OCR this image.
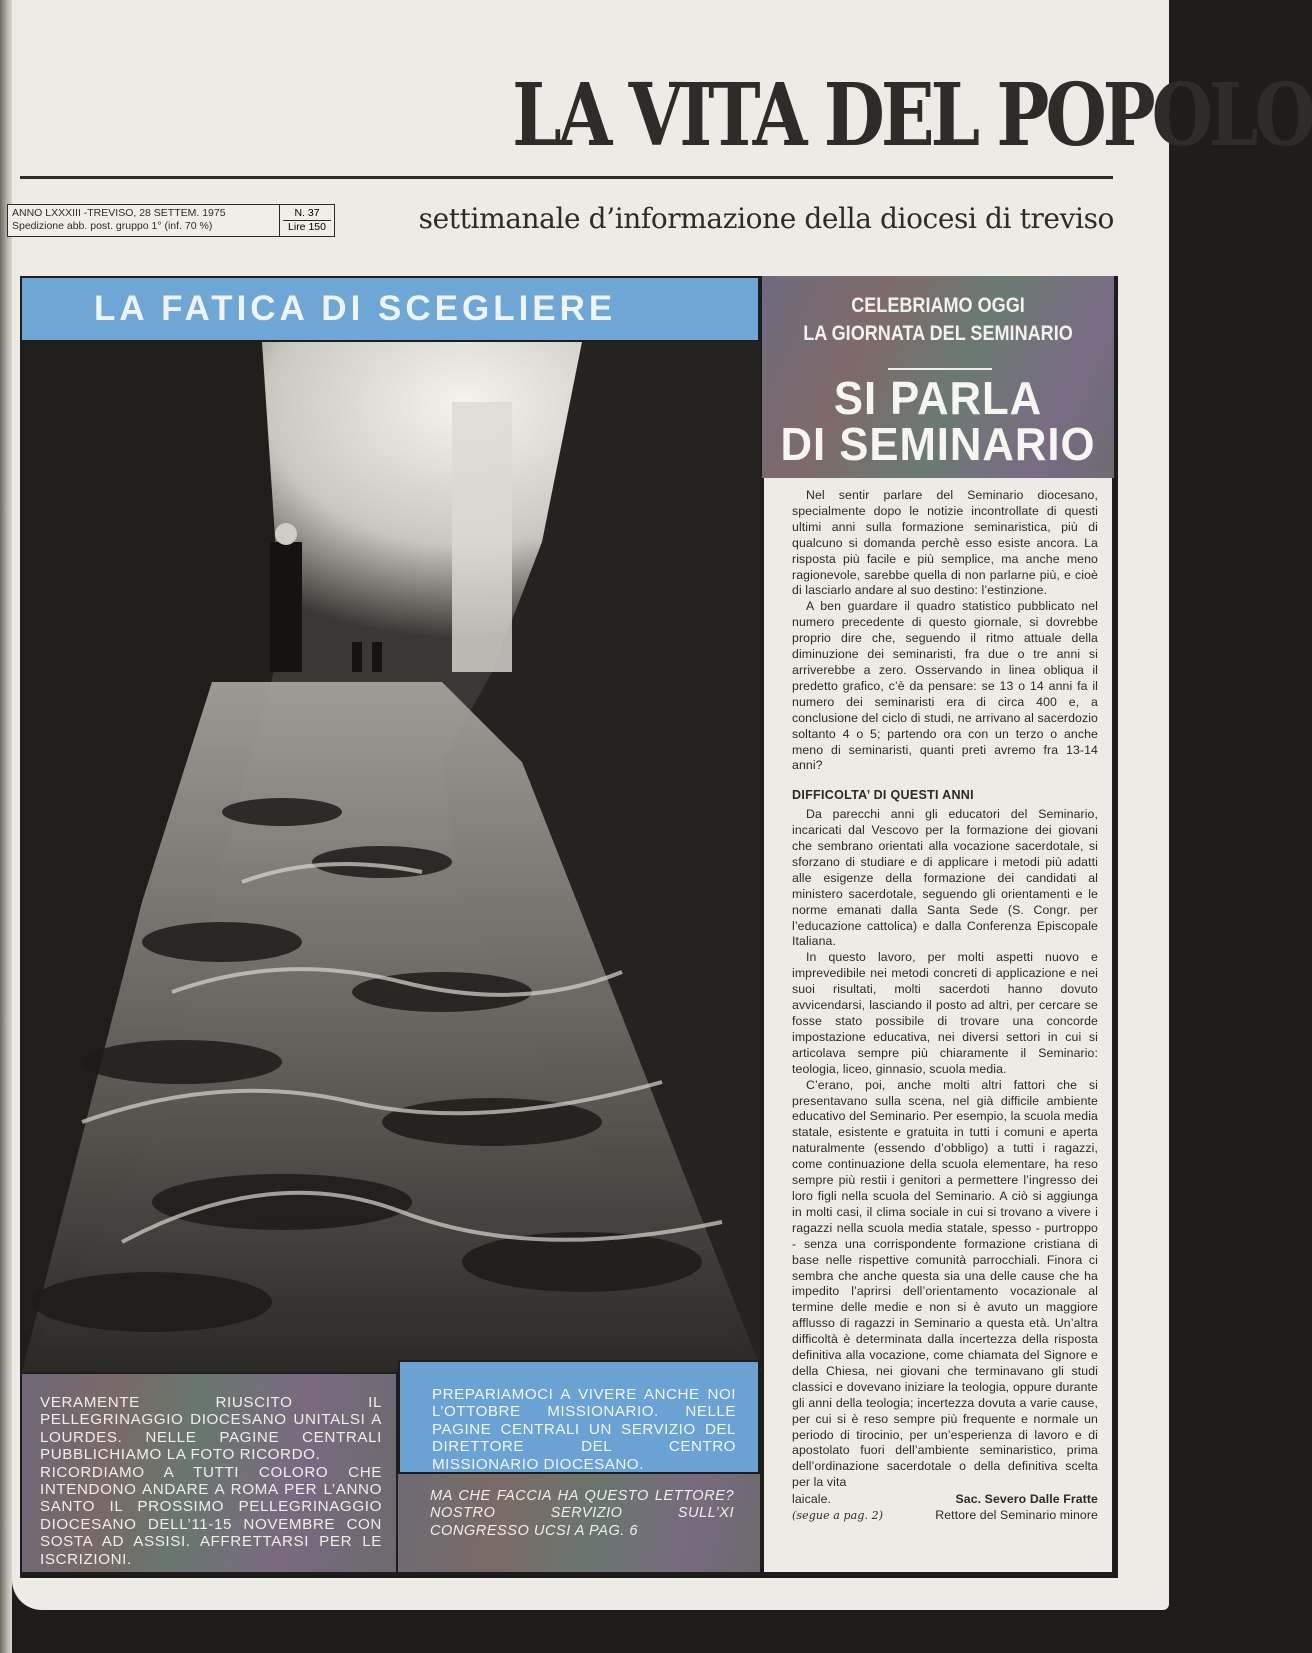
LA VITA DEL POPOLO
ANNO LXXXIII -TREVISO, 28 SETTEM. 1975
Spedizione abb. post. gruppo 1° (inf. 70 %)
N. 37
Lire 150	settimanale d’informazione della diocesi di treviso
LA FATICA DI SCEGLIERE	CELEBRIAMO OGGI
LA GIORNATA DEL SEMINARIO
SI PARLA
DI SEMINARIO

Nel sentir parlare del Seminario diocesano, specialmente dopo le notizie incontrollate di questi ultimi anni sulla formazione seminaristica, più di qualcuno si domanda perchè esso esiste ancora. La risposta più facile e più semplice, ma anche meno ragionevole, sarebbe quella di non parlarne più, e cioè di lasciarlo andare al suo destino: l’estinzione.

A ben guardare il quadro statistico pubblicato nel numero precedente di questo giornale, si dovrebbe proprio dire che, seguendo il ritmo attuale della diminuzione dei seminaristi, fra due o tre anni si arriverebbe a zero. Osservando in linea obliqua il predetto grafico, c’è da pensare: se 13 o 14 anni fa il numero dei seminaristi era di circa 400 e, a conclusione del ciclo di studi, ne arrivano al sacerdozio soltanto 4 o 5; partendo ora con un terzo o anche meno di seminaristi, quanti preti avremo fra 13-14 anni?

DIFFICOLTA’ DI QUESTI ANNI

Da parecchi anni gli educatori del Seminario, incaricati dal Vescovo per la formazione dei giovani che sembrano orientati alla vocazione sacerdotale, si sforzano di studiare e di applicare i metodi più adatti alle esigenze della formazione dei candidati al ministero sacerdotale, seguendo gli orientamenti e le norme emanati dalla Santa Sede (S. Congr. per l’educazione cattolica) e dalla Conferenza Episcopale Italiana.

In questo lavoro, per molti aspetti nuovo e imprevedibile nei metodi concreti di applicazione e nei suoi risultati, molti sacerdoti hanno dovuto avvicendarsi, lasciando il posto ad altri, per cercare se fosse stato possibile di trovare una concorde impostazione educativa, nei diversi settori in cui si articolava sempre più chiaramente il Seminario: teologia, liceo, ginnasio, scuola media.

C’erano, poi, anche molti altri fattori che si presentavano sulla scena, nel già difficile ambiente educativo del Seminario. Per esempio, la scuola media statale, esistente e gratuita in tutti i comuni e aperta naturalmente (essendo d’obbligo) a tutti i ragazzi, come continuazione della scuola elementare, ha reso sempre più restii i genitori a permettere l’ingresso dei loro figli nella scuola del Seminario. A ciò si aggiunga in molti casi, il clima sociale in cui si trovano a vivere i ragazzi nella scuola media statale, spesso - purtroppo - senza una corrispondente formazione cristiana di base nelle rispettive comunità parrocchiali. Finora ci sembra che anche questa sia una delle cause che ha impedito l’aprirsi dell’orientamento vocazionale al termine delle medie e non si è avuto un maggiore afflusso di ragazzi in Seminario a questa età. Un’altra difficoltà è determinata dalla incertezza della risposta definitiva alla vocazione, come chiamata del Signore e della Chiesa, nei giovani che terminavano gli studi classici e dovevano iniziare la teologia, oppure durante gli anni della teologia; incertezza dovuta a varie cause, per cui si è reso sempre più frequente e normale un periodo di tirocinio, per un’esperienza di lavoro e di apostolato fuori dell’ambiente seminaristico, prima dell’ordinazione sacerdotale o della definitiva scelta per la vita

laicale.
(segue a pag. 2)
Sac. Severo Dalle Fratte
Rettore del Seminario minore
VERAMENTE RIUSCITO IL PELLEGRINAGGIO DIOCESANO UNITALSI A LOURDES. NELLE PAGINE CENTRALI PUBBLICHIAMO LA FOTO RICORDO.
RICORDIAMO A TUTTI COLORO CHE INTENDONO ANDARE A ROMA PER L’ANNO SANTO IL PROSSIMO PELLEGRINAGGIO DIOCESANO DELL’11-15 NOVEMBRE CON SOSTA AD ASSISI. AFFRETTARSI PER LE ISCRIZIONI.
PREPARIAMOCI A VIVERE ANCHE NOI L’OTTOBRE MISSIONARIO. NELLE PAGINE CENTRALI UN SERVIZIO DEL DIRETTORE DEL CENTRO MISSIONARIO DIOCESANO.
MA CHE FACCIA HA QUESTO LETTORE? NOSTRO SERVIZIO SULL’XI CONGRESSO UCSI A PAG. 6
